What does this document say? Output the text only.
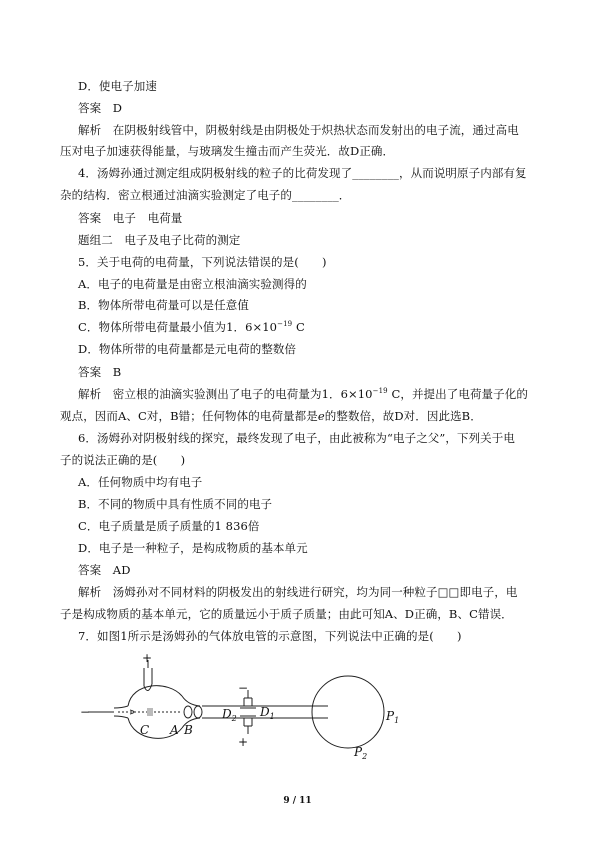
D．使电子加速
答案　D
解析　在阴极射线管中，阴极射线是由阴极处于炽热状态而发射出的电子流，通过高电
压对电子加速获得能量，与玻璃发生撞击而产生荧光．故D正确．
4．汤姆孙通过测定组成阴极射线的粒子的比荷发现了________，从而说明原子内部有复
杂的结构．密立根通过油滴实验测定了电子的________．
答案　电子　电荷量
题组二　电子及电子比荷的测定
5．关于电荷的电荷量，下列说法错误的是(　　)
A．电子的电荷量是由密立根油滴实验测得的
B．物体所带电荷量可以是任意值
C．物体所带电荷量最小值为1．$6\times 10^{-19}$ C
D．物体所带的电荷量都是元电荷的整数倍
答案　B
解析　密立根的油滴实验测出了电子的电荷量为1．$6\times 10^{-19}$ C，并提出了电荷量子化的
观点，因而A、C对，B错；任何物体的电荷量都是e的整数倍，故D对．因此选B．
6．汤姆孙对阴极射线的探究，最终发现了电子，由此被称为“电子之父”，下列关于电
子的说法正确的是(　　)
A．任何物质中均有电子
B．不同的物质中具有性质不同的电子
C．电子质量是质子质量的1 836倍
D．电子是一种粒子，是构成物质的基本单元
答案　AD
解析　汤姆孙对不同材料的阴极发出的射线进行研究，均为同一种粒子□□即电子，电
子是构成物质的基本单元，它的质量远小于质子质量；由此可知A、D正确，B、C错误．
7．如图1所示是汤姆孙的气体放电管的示意图，下列说法中正确的是(　　)
+
−
C A B
−
$D_2$ $D_1$
+
$P_1$
$P_2$
9 / 11
